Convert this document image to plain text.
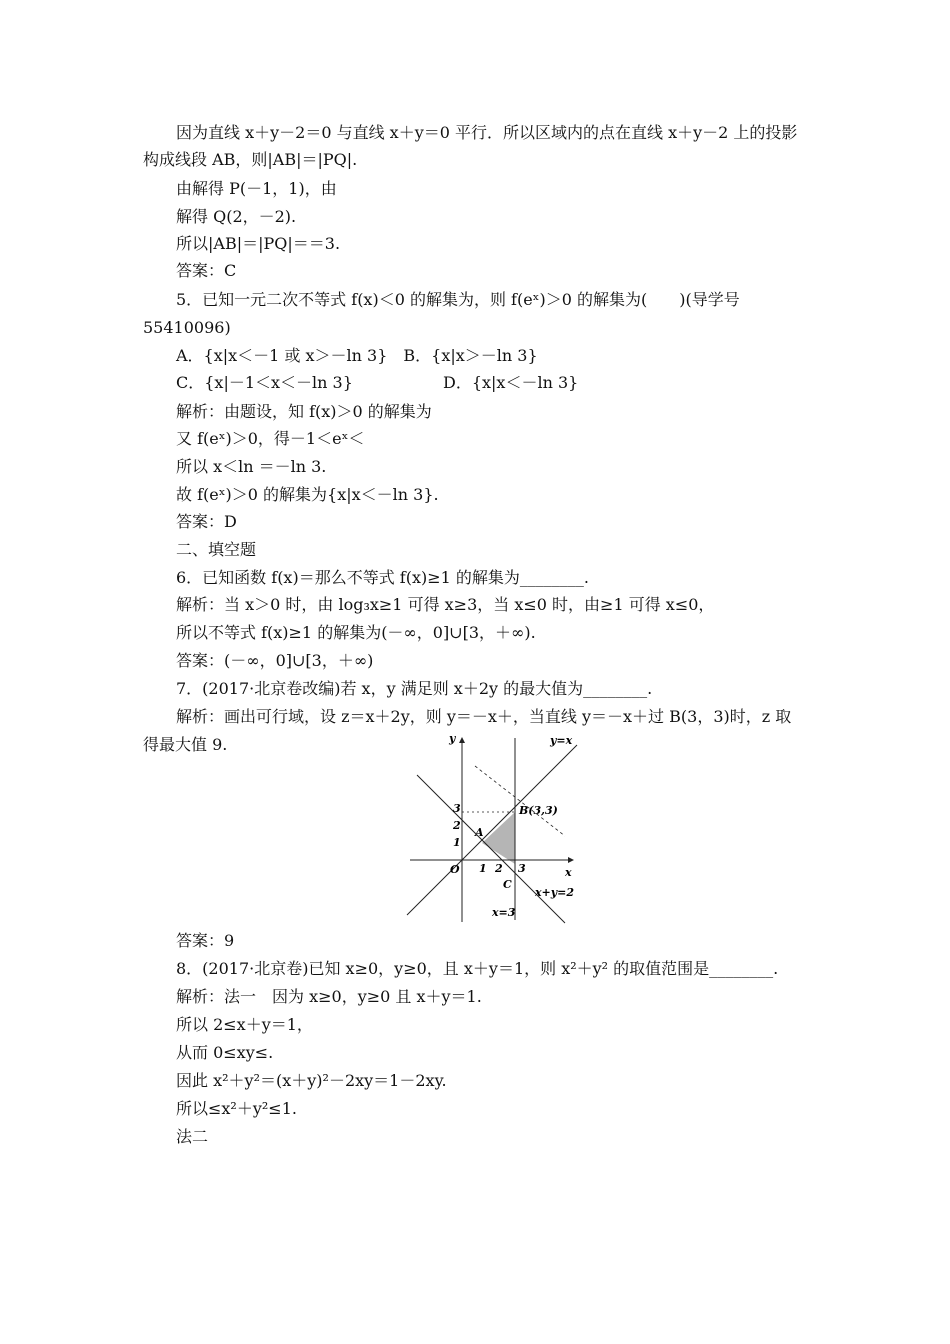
因为直线 x＋y－2＝0 与直线 x＋y＝0 平行．所以区域内的点在直线 x＋y－2 上的投影
构成线段 AB，则|AB|＝|PQ|.
由解得 P(－1，1)，由
解得 Q(2，－2).
所以|AB|＝|PQ|＝＝3.
答案：C
5．已知一元二次不等式 f(x)＜0 的解集为，则 f(eˣ)＞0 的解集为(　　)(导学号
55410096)
A．{x|x＜－1 或 x＞－ln 3}　B．{x|x＞－ln 3}
C．{x|－1＜x＜－ln 3}	D．{x|x＜－ln 3}
解析：由题设，知 f(x)＞0 的解集为
又 f(eˣ)＞0，得－1＜eˣ＜
所以 x＜ln ＝－ln 3.
故 f(eˣ)＞0 的解集为{x|x＜－ln 3}.
答案：D
二、填空题
6．已知函数 f(x)＝那么不等式 f(x)≥1 的解集为________.
解析：当 x＞0 时，由 log₃x≥1 可得 x≥3，当 x≤0 时，由≥1 可得 x≤0，
所以不等式 f(x)≥1 的解集为(－∞，0]∪[3，＋∞).
答案：(－∞，0]∪[3，＋∞)
7．(2017·北京卷改编)若 x，y 满足则 x＋2y 的最大值为________.
解析：画出可行域，设 z＝x＋2y，则 y＝－x＋，当直线 y＝－x＋过 B(3，3)时，z 取
得最大值 9.	y
x
O
y=x
B(3,3)
A
C
x+y=2
x=3
1 2 3
1
2
3
答案：9
8．(2017·北京卷)已知 x≥0，y≥0，且 x＋y＝1，则 x²＋y² 的取值范围是________.
解析：法一　因为 x≥0，y≥0 且 x＋y＝1.
所以 2≤x＋y＝1，
从而 0≤xy≤.
因此 x²＋y²＝(x＋y)²－2xy＝1－2xy.
所以≤x²＋y²≤1.
法二
